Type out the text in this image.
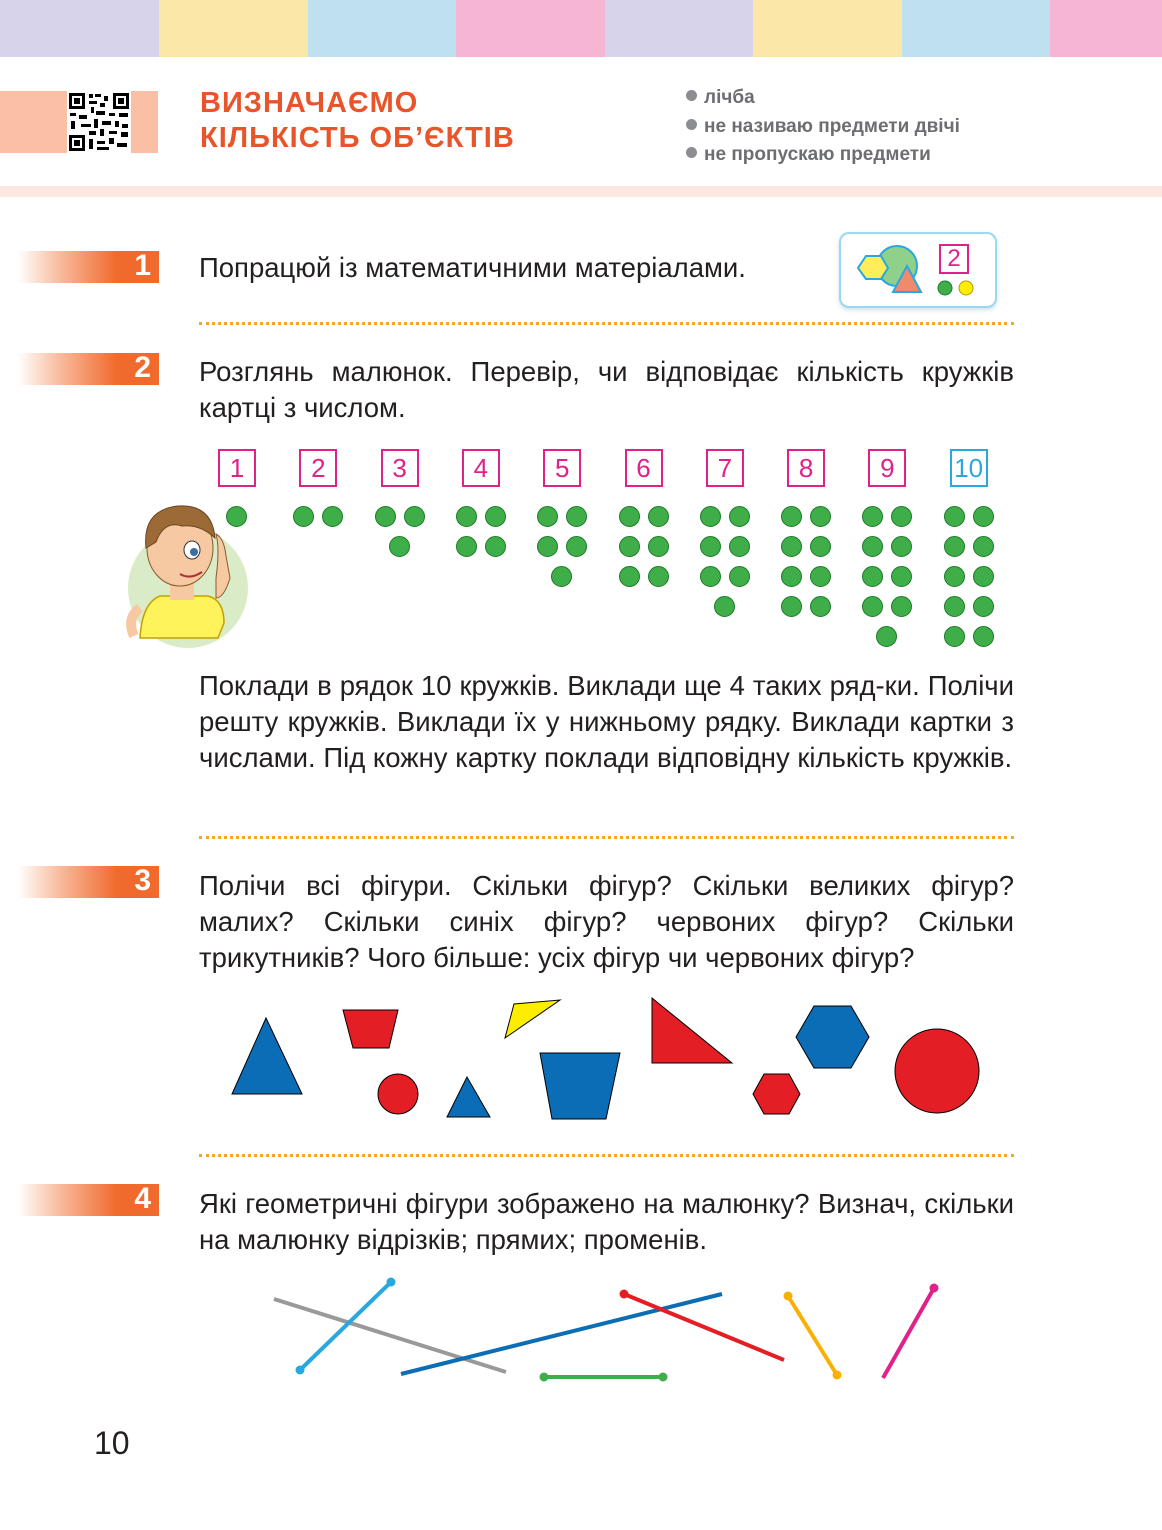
ВИЗНАЧАЄМО
КІЛЬКІСТЬ ОБ’ЄКТІВ
лічба
не називаю предмети двічі
не пропускаю предмети
1 Попрацюй із математичними матеріалами.	2
2 Розглянь малюнок. Перевір, чи відповідає кількість кружків картці з числом.
1	2	3	4	5	6	7	8	9	10
Поклади в рядок 10 кружків. Виклади ще 4 таких ряд-ки. Полічи решту кружків. Виклади їх у нижньому рядку. Виклади картки з числами. Під кожну картку поклади відповідну кількість кружків.
3 Полічи всі фігури. Скільки фігур? Скільки великих фігур? малих? Скільки синіх фігур? червоних фігур? Скільки трикутників? Чого більше: усіх фігур чи червоних фігур?
4 Які геометричні фігури зображено на малюнку? Визнач, скільки на малюнку відрізків; прямих; променів.
10
